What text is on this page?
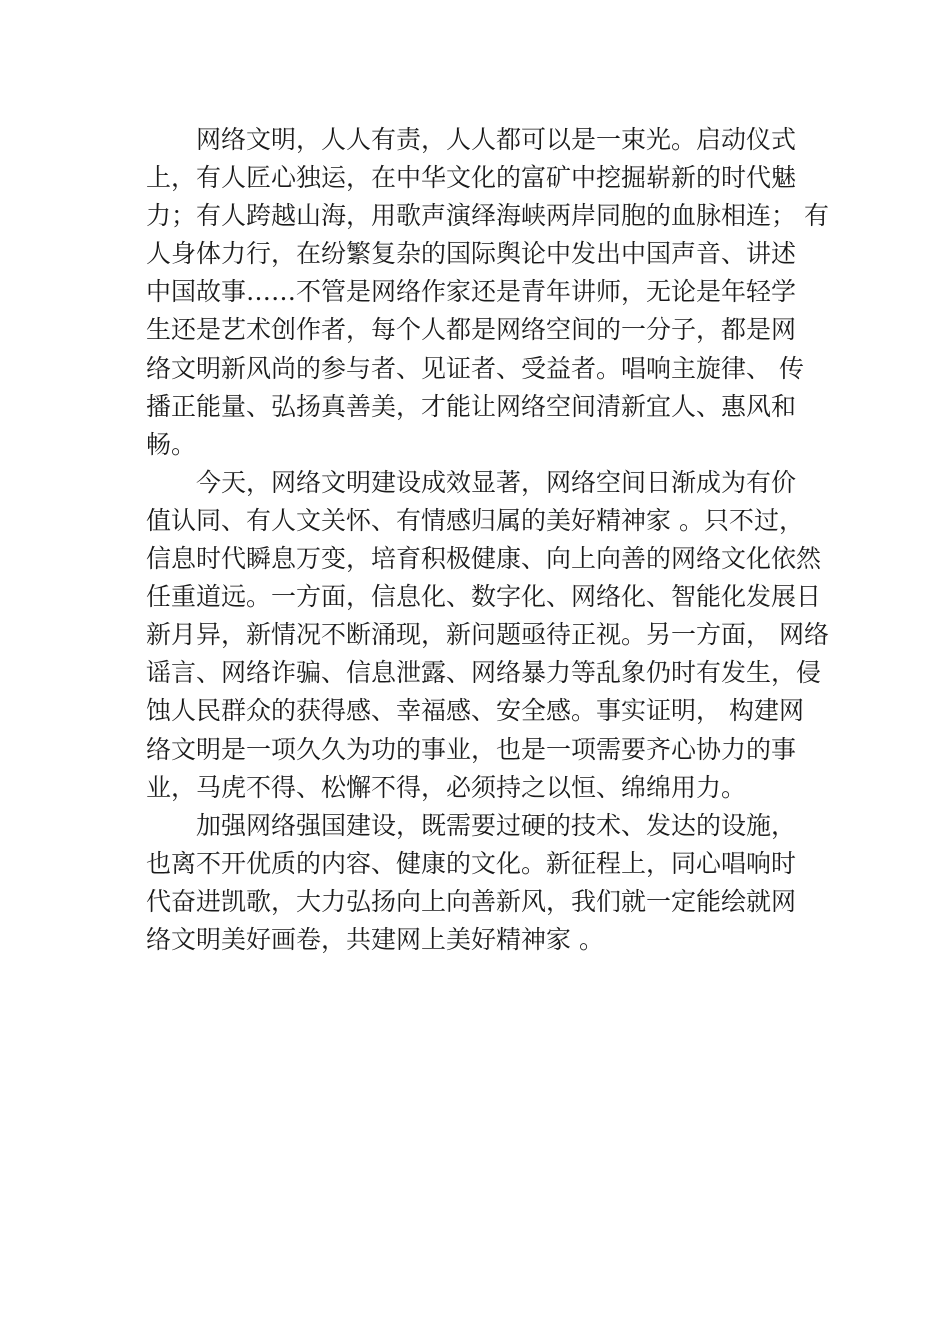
网络文明，人人有责，人人都可以是一束光。启动仪式
上，有人匠心独运，在中华文化的富矿中挖掘崭新的时代魅
力；有人跨越山海，用歌声演绎海峡两岸同胞的血脉相连； 有
人身体力行，在纷繁复杂的国际舆论中发出中国声音、讲述
中国故事……不管是网络作家还是青年讲师，无论是年轻学
生还是艺术创作者，每个人都是网络空间的一分子，都是网
络文明新风尚的参与者、见证者、受益者。唱响主旋律、 传
播正能量、弘扬真善美，才能让网络空间清新宜人、惠风和
畅。
今天，网络文明建设成效显著，网络空间日渐成为有价
值认同、有人文关怀、有情感归属的美好精神家 。只不过，
信息时代瞬息万变，培育积极健康、向上向善的网络文化依然
任重道远。一方面，信息化、数字化、网络化、智能化发展日
新月异，新情况不断涌现，新问题亟待正视。另一方面， 网络
谣言、网络诈骗、信息泄露、网络暴力等乱象仍时有发生，侵
蚀人民群众的获得感、幸福感、安全感。事实证明， 构建网
络文明是一项久久为功的事业，也是一项需要齐心协力的事
业，马虎不得、松懈不得，必须持之以恒、绵绵用力。
加强网络强国建设，既需要过硬的技术、发达的设施，
也离不开优质的内容、健康的文化。新征程上，同心唱响时
代奋进凯歌，大力弘扬向上向善新风，我们就一定能绘就网
络文明美好画卷，共建网上美好精神家 。
